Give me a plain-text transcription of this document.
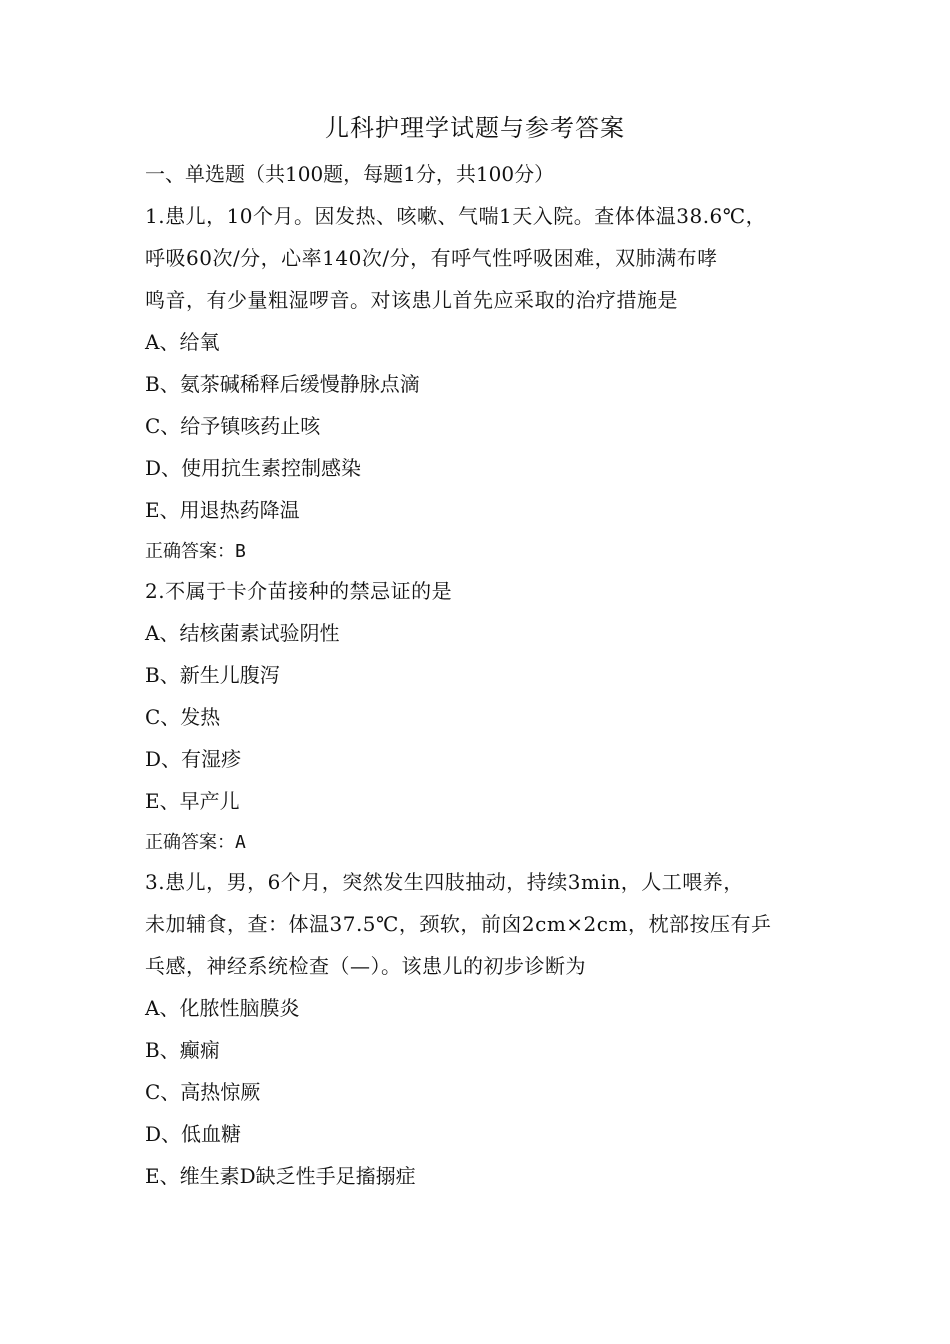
儿科护理学试题与参考答案
一、单选题（共100题，每题1分，共100分）
1.患儿，10个月。因发热、咳嗽、气喘1天入院。查体体温38.6℃，
呼吸60次/分，心率140次/分，有呼气性呼吸困难，双肺满布哮
鸣音，有少量粗湿啰音。对该患儿首先应采取的治疗措施是
A、给氧
B、氨茶碱稀释后缓慢静脉点滴
C、给予镇咳药止咳
D、使用抗生素控制感染
E、用退热药降温
正确答案：B
2.不属于卡介苗接种的禁忌证的是
A、结核菌素试验阴性
B、新生儿腹泻
C、发热
D、有湿疹
E、早产儿
正确答案：A
3.患儿，男，6个月，突然发生四肢抽动，持续3min，人工喂养，
未加辅食，查：体温37.5℃，颈软，前囟2cm×2cm，枕部按压有乒
乓感，神经系统检查（—）。该患儿的初步诊断为
A、化脓性脑膜炎
B、癫痫
C、高热惊厥
D、低血糖
E、维生素D缺乏性手足搐搦症
